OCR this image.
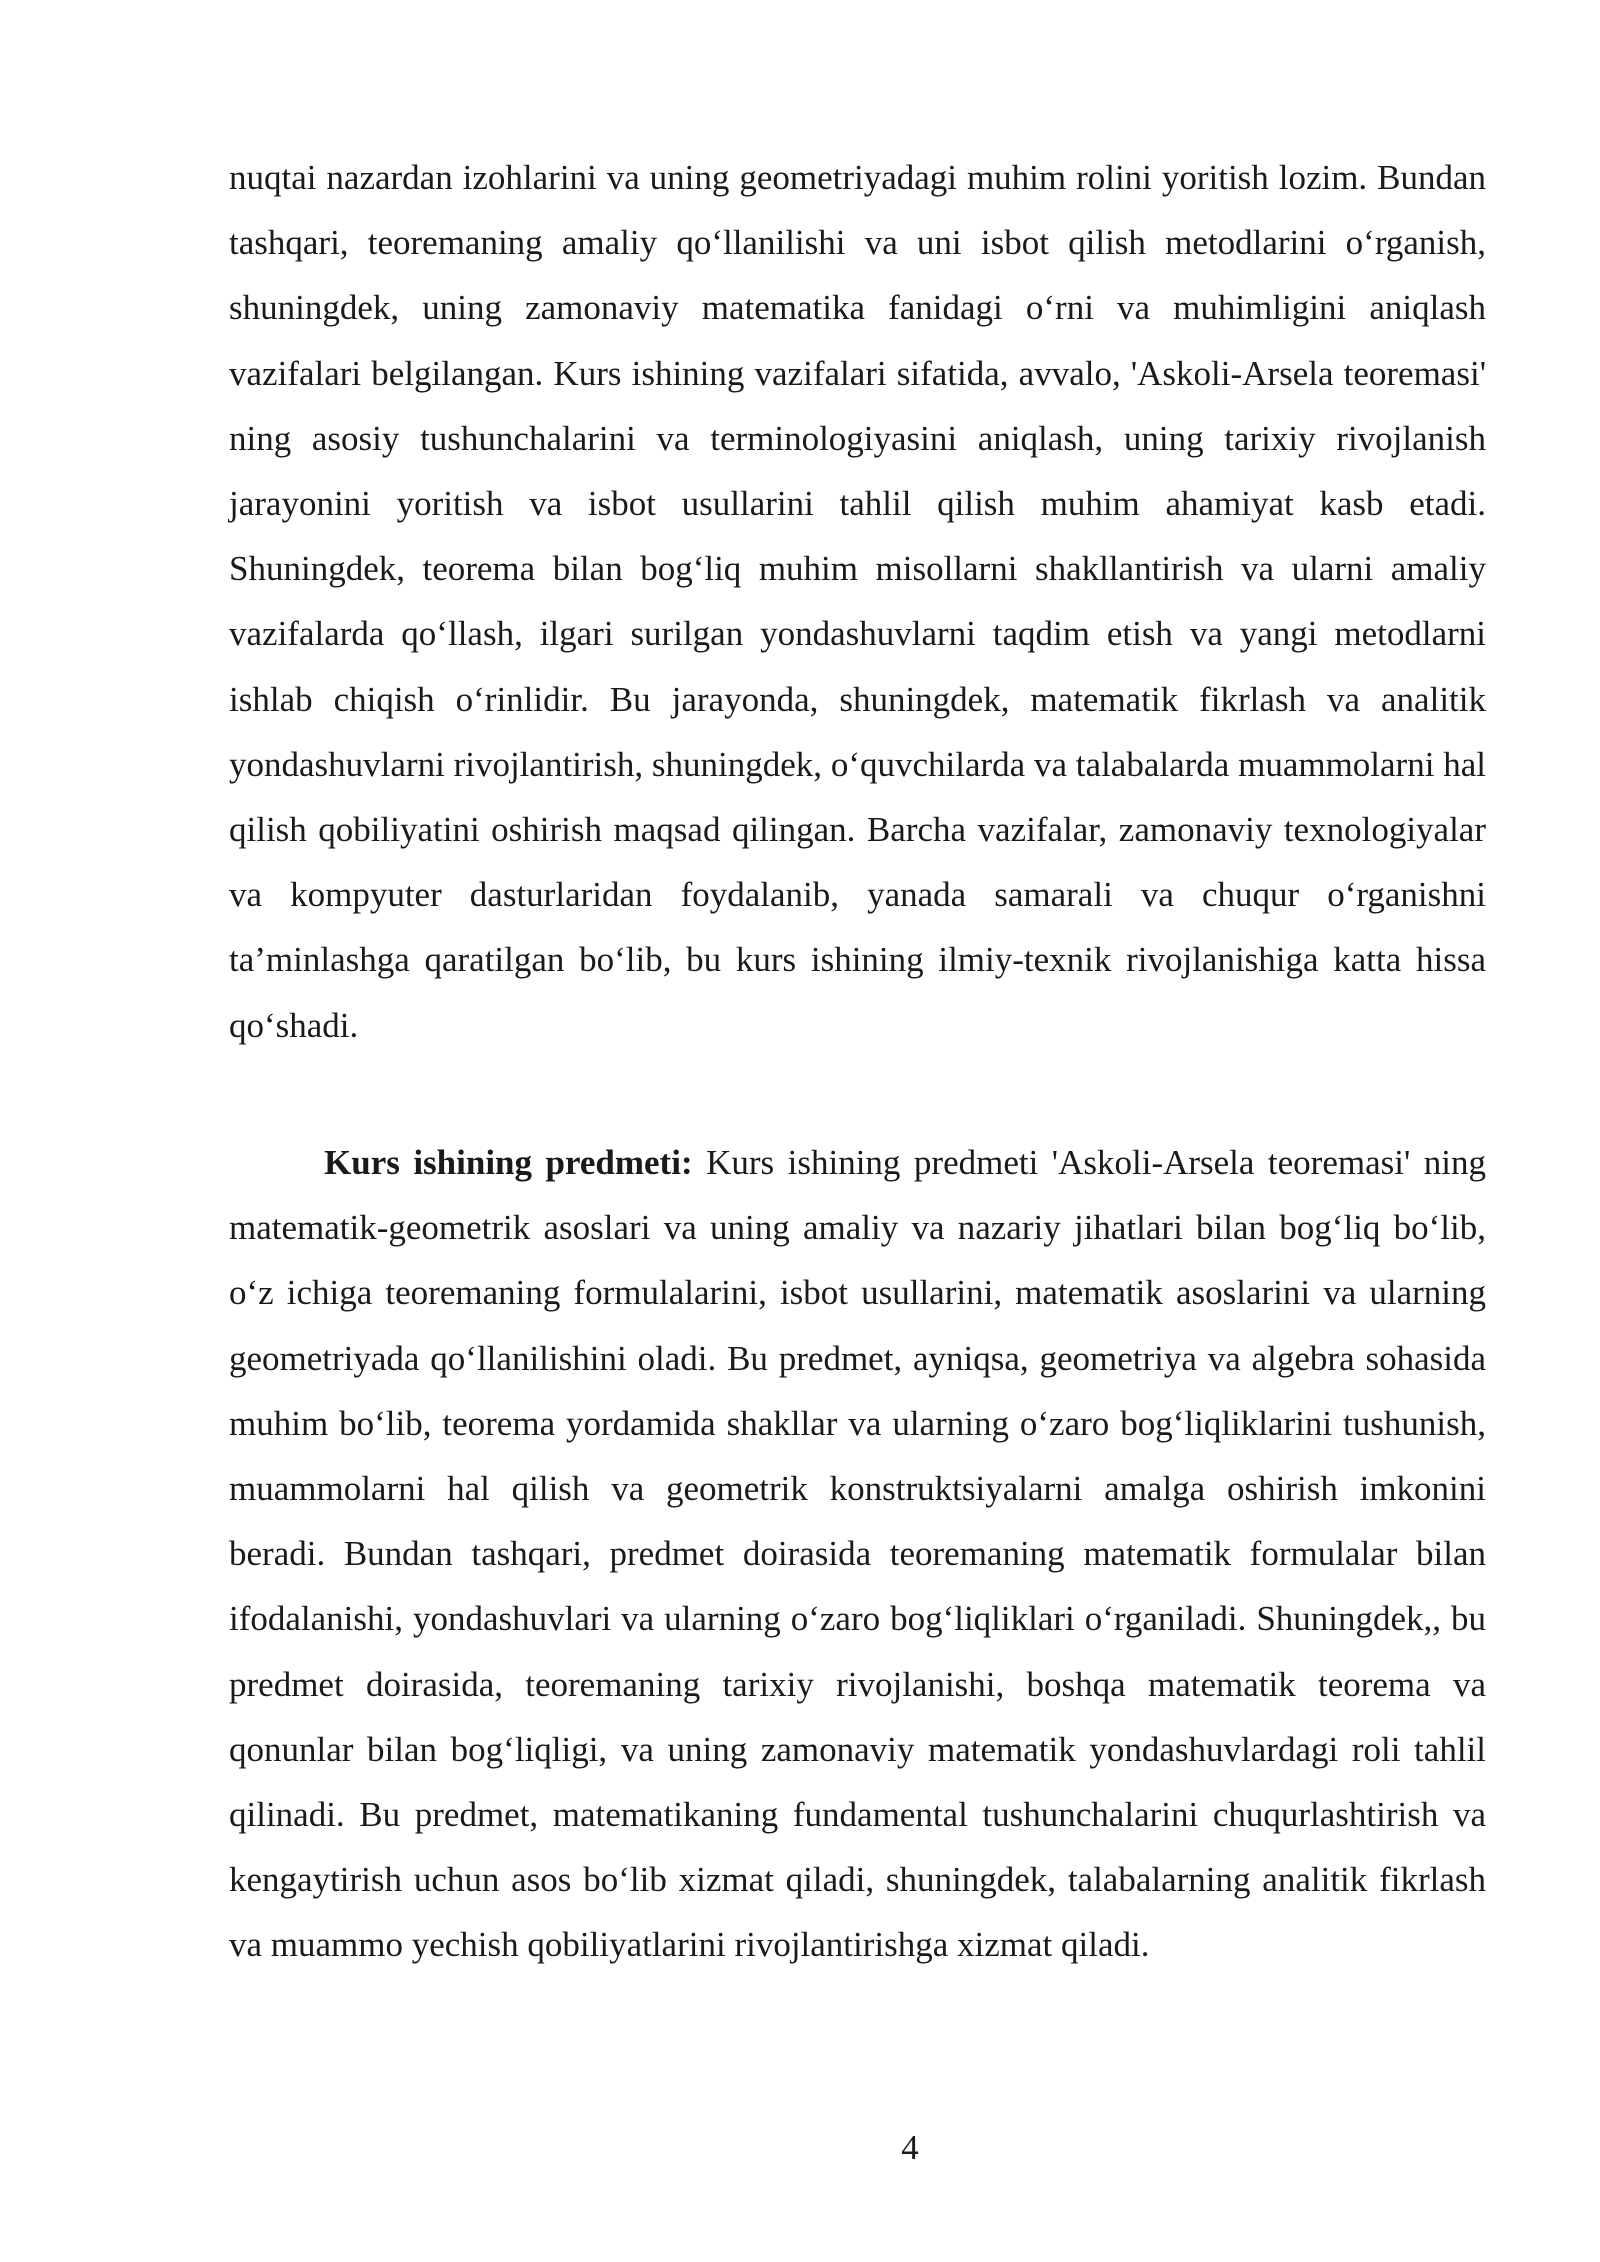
nuqtai nazardan izohlarini va uning geometriyadagi muhim rolini yoritish lozim. Bundan tashqari, teoremaning amaliy qo‘llanilishi va uni isbot qilish metodlarini o‘rganish, shuningdek, uning zamonaviy matematika fanidagi o‘rni va muhimligini aniqlash vazifalari belgilangan. Kurs ishining vazifalari sifatida, avvalo, 'Askoli-Arsela teoremasi' ning asosiy tushunchalarini va terminologiyasini aniqlash, uning tarixiy rivojlanish jarayonini yoritish va isbot usullarini tahlil qilish muhim ahamiyat kasb etadi. Shuningdek, teorema bilan bog‘liq muhim misollarni shakllantirish va ularni amaliy vazifalarda qo‘llash, ilgari surilgan yondashuvlarni taqdim etish va yangi metodlarni ishlab chiqish o‘rinlidir. Bu jarayonda, shuningdek, matematik fikrlash va analitik yondashuvlarni rivojlantirish, shuningdek, o‘quvchilarda va talabalarda muammolarni hal qilish qobiliyatini oshirish maqsad qilingan. Barcha vazifalar, zamonaviy texnologiyalar va kompyuter dasturlaridan foydalanib, yanada samarali va chuqur o‘rganishni ta’minlashga qaratilgan bo‘lib, bu kurs ishining ilmiy-texnik rivojlanishiga katta hissa qo‘shadi.

Kurs ishining predmeti: Kurs ishining predmeti 'Askoli-Arsela teoremasi' ning matematik-geometrik asoslari va uning amaliy va nazariy jihatlari bilan bog‘liq bo‘lib, o‘z ichiga teoremaning formulalarini, isbot usullarini, matematik asoslarini va ularning geometriyada qo‘llanilishini oladi. Bu predmet, ayniqsa, geometriya va algebra sohasida muhim bo‘lib, teorema yordamida shakllar va ularning o‘zaro bog‘liqliklarini tushunish, muammolarni hal qilish va geometrik konstruktsiyalarni amalga oshirish imkonini beradi. Bundan tashqari, predmet doirasida teoremaning matematik formulalar bilan ifodalanishi, yondashuvlari va ularning o‘zaro bog‘liqliklari o‘rganiladi. Shuningdek,, bu predmet doirasida, teoremaning tarixiy rivojlanishi, boshqa matematik teorema va qonunlar bilan bog‘liqligi, va uning zamonaviy matematik yondashuvlardagi roli tahlil qilinadi. Bu predmet, matematikaning fundamental tushunchalarini chuqurlashtirish va kengaytirish uchun asos bo‘lib xizmat qiladi, shuningdek, talabalarning analitik fikrlash va muammo yechish qobiliyatlarini rivojlantirishga xizmat qiladi.

4
